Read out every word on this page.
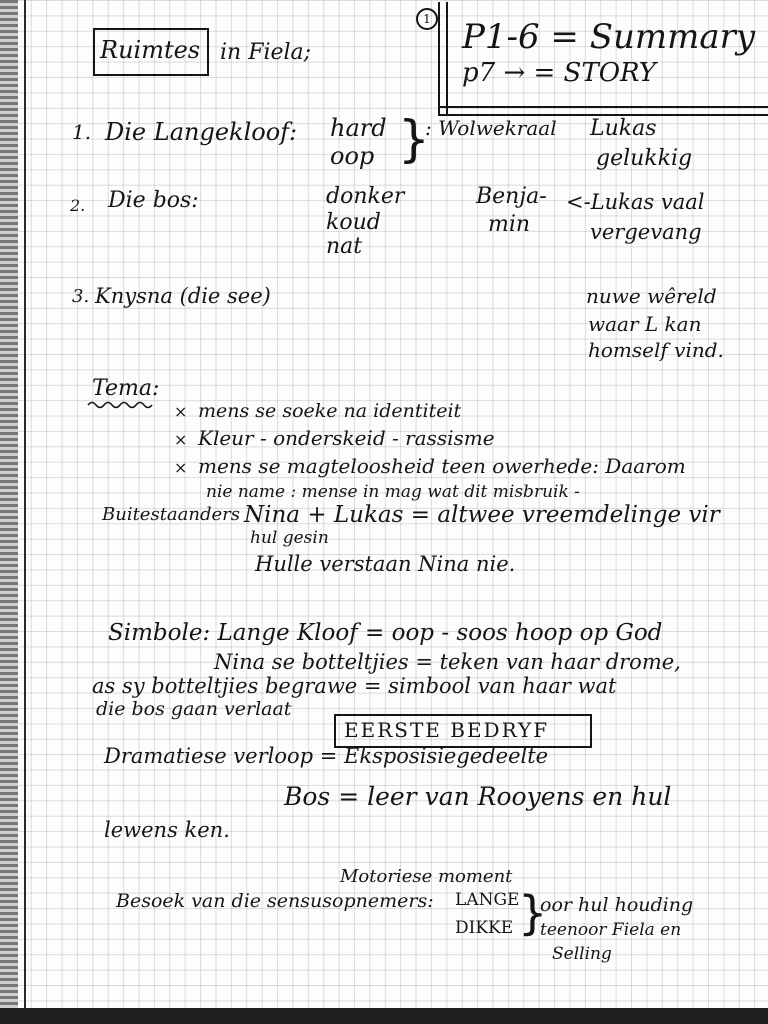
1 P1-6 = Summary
p7 → = STORY
Ruimtes in Fiela;
1. Die Langekloof: hard
oop }
: Wolwekraal Lukas
gelukkig
2. Die bos:	donker
koud
nat
Benja-
min
<-Lukas vaal
vergevang
3. Knysna (die see)	nuwe wêreld
waar L kan
homself vind.
Tema:
× mens se soeke na identiteit
× Kleur - onderskeid - rassisme
× mens se magteloosheid teen owerhede: Daarom
nie name : mense in mag wat dit misbruik -
Buitestaanders Nina + Lukas = altwee vreemdelinge vir
hul gesin
Hulle verstaan Nina nie.
Simbole: Lange Kloof = oop - soos hoop op God
Nina se botteltjies = teken van haar drome,
as sy botteltjies begrawe = simbool van haar wat
die bos gaan verlaat
EERSTE BEDRYF
Dramatiese verloop = Eksposisiegedeelte
Bos = leer van Rooyens en hul
lewens ken.
Motoriese moment
Besoek van die sensusopnemers: LANGE
DIKKE }
oor hul houding
teenoor Fiela en
Selling
